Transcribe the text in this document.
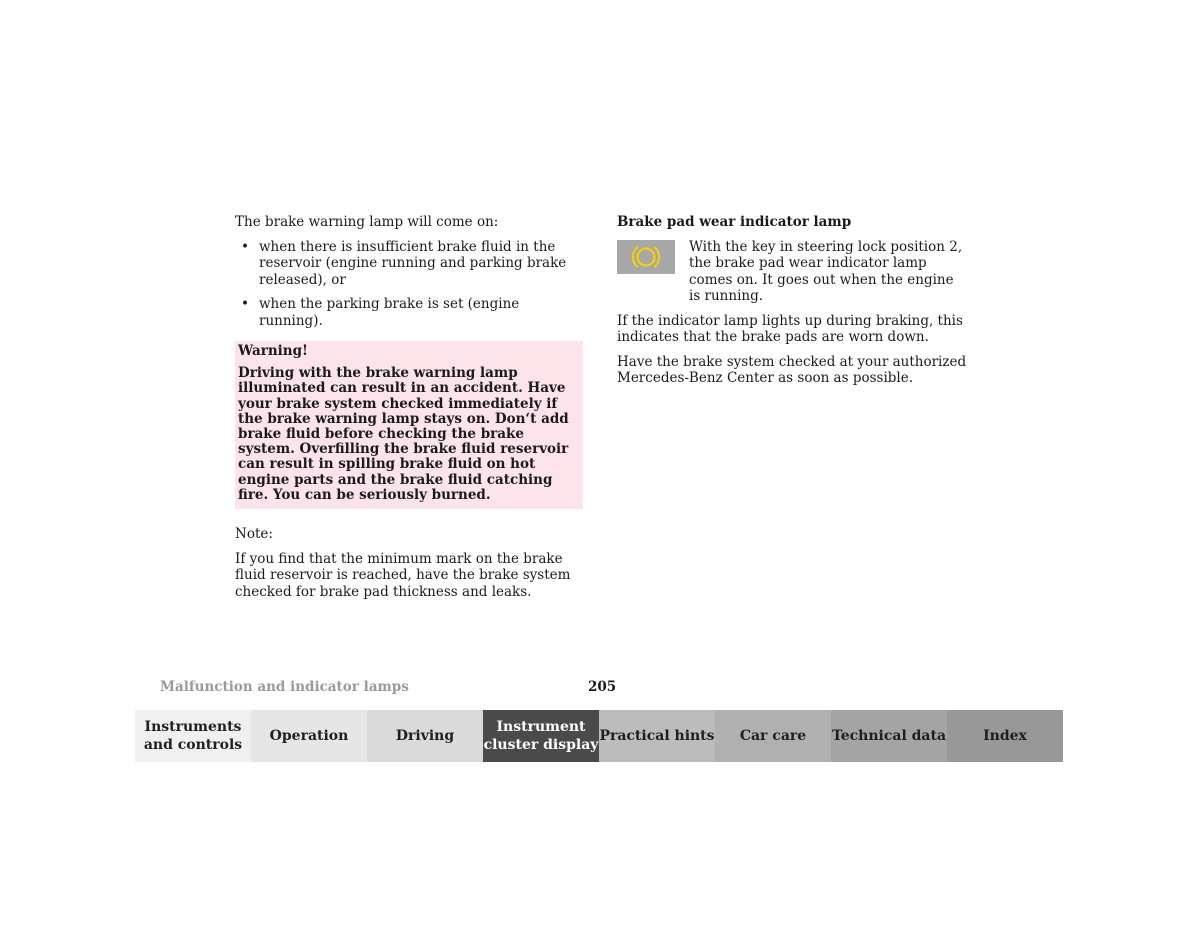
The brake warning lamp will come on:

• when there is insufficient brake fluid in the reservoir (engine running and parking brake released), or
• when the parking brake is set (engine running).

Warning!

Driving with the brake warning lamp illuminated can result in an accident. Have your brake system checked immediately if the brake warning lamp stays on. Don‘t add brake fluid before checking the brake system. Overfilling the brake fluid reservoir can result in spilling brake fluid on hot engine parts and the brake fluid catching fire. You can be seriously burned.

Note:

If you find that the minimum mark on the brake fluid reservoir is reached, have the brake system checked for brake pad thickness and leaks.

Brake pad wear indicator lamp

With the key in steering lock position 2, the brake pad wear indicator lamp comes on. It goes out when the engine is running.

If the indicator lamp lights up during braking, this indicates that the brake pads are worn down.

Have the brake system checked at your authorized Mercedes-Benz Center as soon as possible.

Malfunction and indicator lamps	205
Instruments and controls
Operation	Driving
Instrument cluster display
Practical hints	Car care	Technical data	Index
